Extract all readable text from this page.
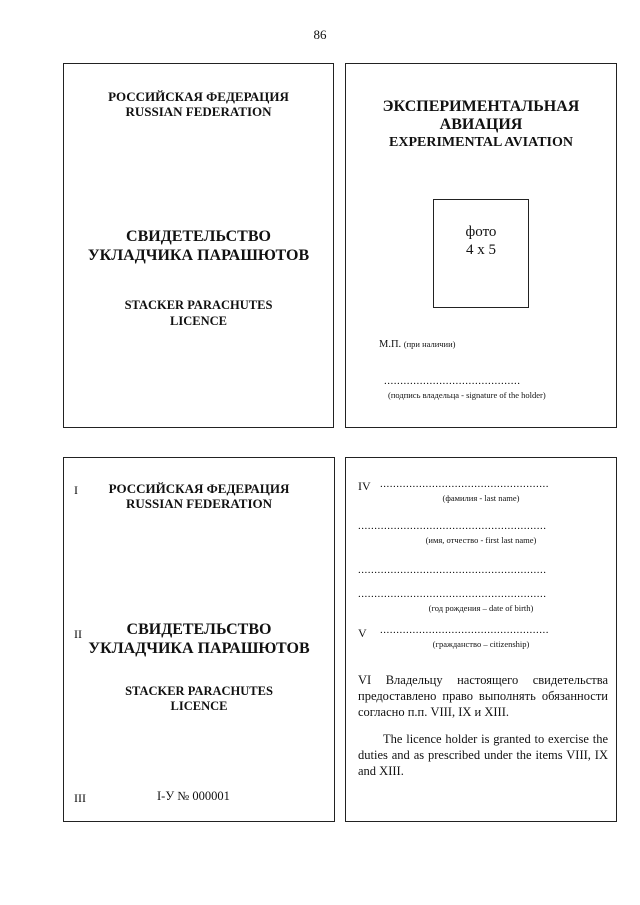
86
РОССИЙСКАЯ ФЕДЕРАЦИЯ
RUSSIAN FEDERATION
СВИДЕТЕЛЬСТВО
УКЛАДЧИКА ПАРАШЮТОВ
STACKER PARACHUTES
LICENCE
ЭКСПЕРИМЕНТАЛЬНАЯ
АВИАЦИЯ
EXPERIMENTAL AVIATION
фото
4 х 5
М.П. (при наличии)
..........................................
(подпись владельца - signature of the holder)
I	РОССИЙСКАЯ ФЕДЕРАЦИЯ
RUSSIAN FEDERATION
II	СВИДЕТЕЛЬСТВО
УКЛАДЧИКА ПАРАШЮТОВ
STACKER PARACHUTES
LICENCE
III	I-У № 000001
IV ....................................................
(фамилия - last name)
..........................................................
(имя, отчество - first last name)
..........................................................
..........................................................
(год рождения – date of birth)
V ....................................................
(гражданство – citizenship)
VI Владельцу настоящего свидетельства предоставлено право выполнять обязанности согласно п.п. VIII, IX и XIII.
The licence holder is granted to exercise the duties and as prescribed under the items VIII, IX and XIII.
